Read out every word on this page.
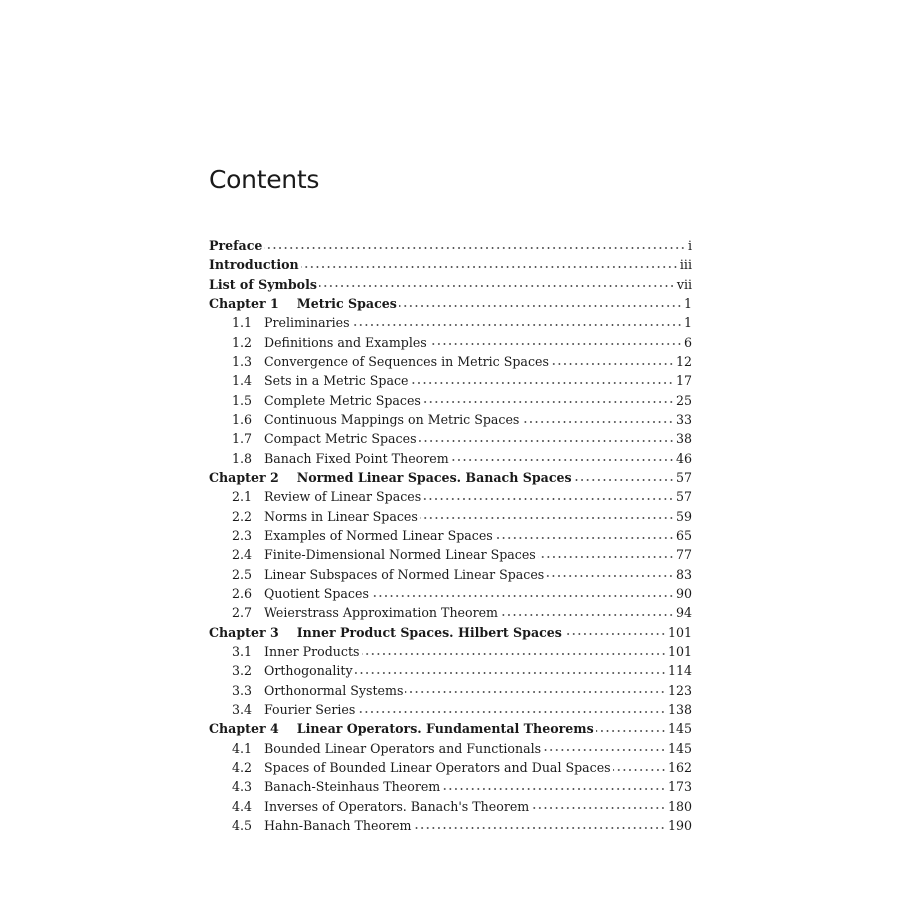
Contents
Preface	i
Introduction	iii
List of Symbols	vii
Chapter 1 Metric Spaces	1
1.1 Preliminaries	1
1.2 Definitions and Examples	6
1.3 Convergence of Sequences in Metric Spaces	12
1.4 Sets in a Metric Space	17
1.5 Complete Metric Spaces	25
1.6 Continuous Mappings on Metric Spaces	33
1.7 Compact Metric Spaces	38
1.8 Banach Fixed Point Theorem	46
Chapter 2 Normed Linear Spaces. Banach Spaces	57
2.1 Review of Linear Spaces	57
2.2 Norms in Linear Spaces	59
2.3 Examples of Normed Linear Spaces	65
2.4 Finite-Dimensional Normed Linear Spaces	77
2.5 Linear Subspaces of Normed Linear Spaces	83
2.6 Quotient Spaces	90
2.7 Weierstrass Approximation Theorem	94
Chapter 3 Inner Product Spaces. Hilbert Spaces	101
3.1 Inner Products	101
3.2 Orthogonality	114
3.3 Orthonormal Systems	123
3.4 Fourier Series	138
Chapter 4 Linear Operators. Fundamental Theorems	145
4.1 Bounded Linear Operators and Functionals	145
4.2 Spaces of Bounded Linear Operators and Dual Spaces	162
4.3 Banach-Steinhaus Theorem	173
4.4 Inverses of Operators. Banach's Theorem	180
4.5 Hahn-Banach Theorem	190
